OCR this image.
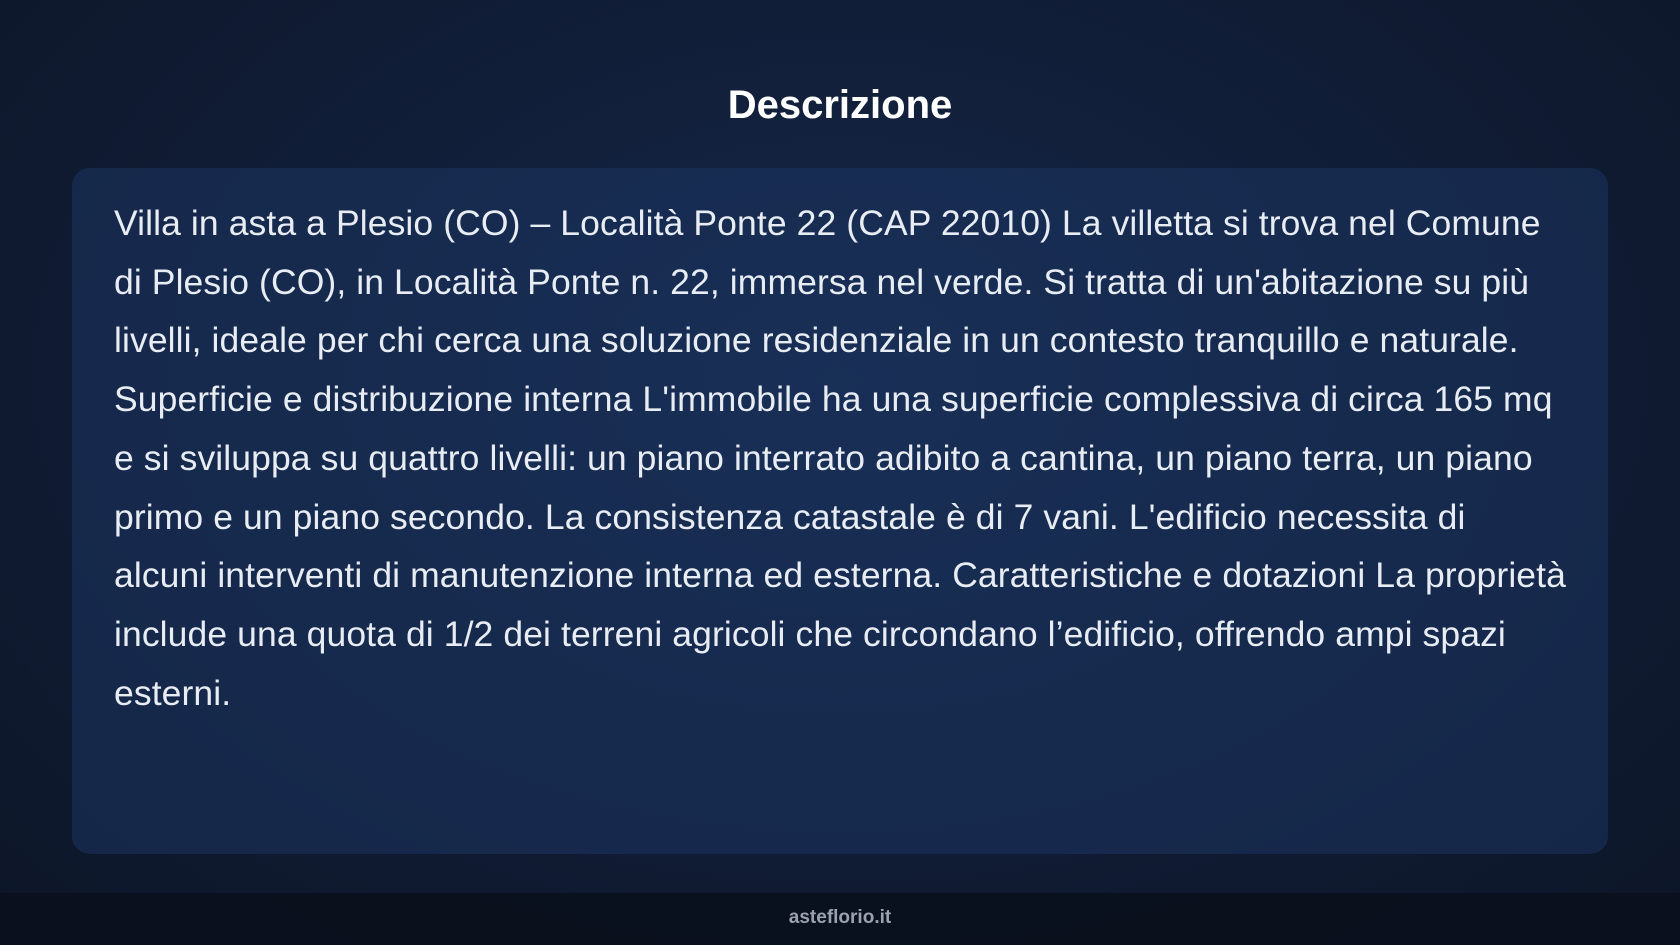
Descrizione

Villa in asta a Plesio (CO) – Località Ponte 22 (CAP 22010) La villetta si trova nel Comune di Plesio (CO), in Località Ponte n. 22, immersa nel verde. Si tratta di un'abitazione su più livelli, ideale per chi cerca una soluzione residenziale in un contesto tranquillo e naturale. Superficie e distribuzione interna L'immobile ha una superficie complessiva di circa 165 mq e si sviluppa su quattro livelli: un piano interrato adibito a cantina, un piano terra, un piano primo e un piano secondo. La consistenza catastale è di 7 vani. L'edificio necessita di alcuni interventi di manutenzione interna ed esterna. Caratteristiche e dotazioni La proprietà include una quota di 1/2 dei terreni agricoli che circondano l’edificio, offrendo ampi spazi esterni.

asteflorio.it
